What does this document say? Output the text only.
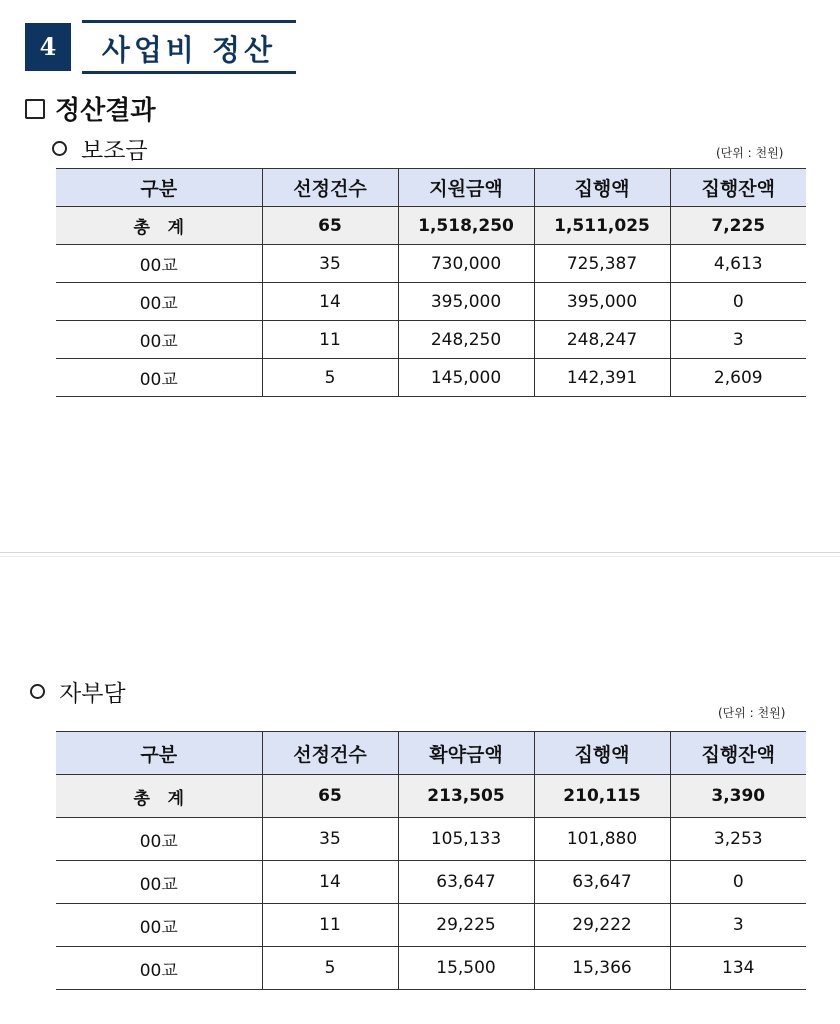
4	사업비 정산
정산결과
보조금	(단위 : 천원)
구분	선정건수	지원금액	집행액	집행잔액
총   계	65	1,518,250	1,511,025	7,225
00교	35	730,000	725,387	4,613
00교	14	395,000	395,000	0
00교	11	248,250	248,247	3
00교	5	145,000	142,391	2,609
자부담
(단위 : 천원)
구분	선정건수	확약금액	집행액	집행잔액
총   계	65	213,505	210,115	3,390
00교	35	105,133	101,880	3,253
00교	14	63,647	63,647	0
00교	11	29,225	29,222	3
00교	5	15,500	15,366	134
